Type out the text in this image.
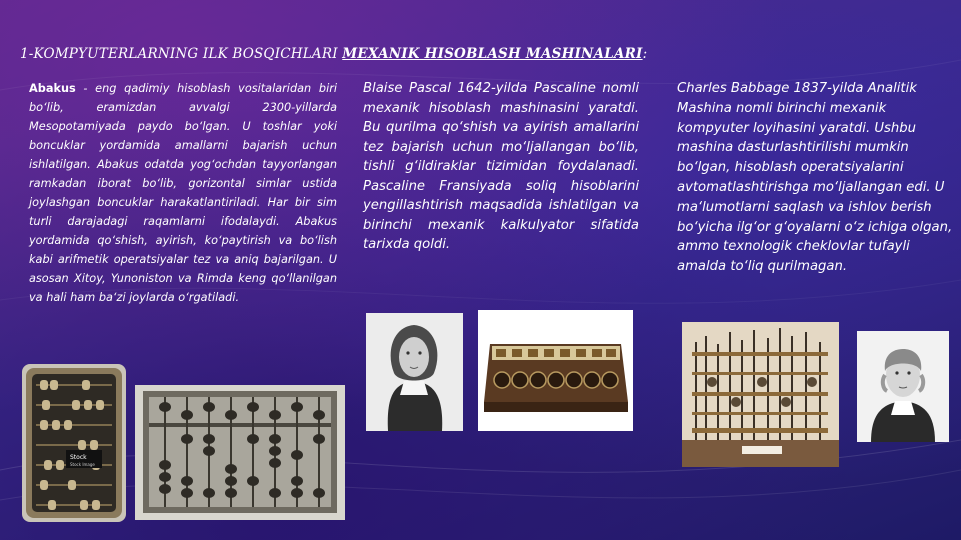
1-KOMPYUTERLARNING ILK BOSQICHLARI MEXANIK HISOBLASH MASHINALARI:
Abakus - eng qadimiy hisoblash vositalaridan biri bo‘lib, eramizdan avvalgi 2300-yillarda Mesopotamiyada paydo bo‘lgan. U toshlar yoki boncuklar yordamida amallarni bajarish uchun ishlatilgan. Abakus odatda yog‘ochdan tayyorlangan ramkadan iborat bo‘lib, gorizontal simlar ustida joylashgan boncuklar harakatlantiriladi. Har bir sim turli darajadagi raqamlarni ifodalaydi. Abakus yordamida qo‘shish, ayirish, ko‘paytirish va bo‘lish kabi arifmetik operatsiyalar tez va aniq bajarilgan. U asosan Xitoy, Yunoniston va Rimda keng qo‘llanilgan va hali ham ba‘zi joylarda o‘rgatiladi.
Blaise Pascal 1642-yilda Pascaline nomli mexanik hisoblash mashinasini yaratdi. Bu qurilma qo‘shish va ayirish amallarini tez bajarish uchun mo‘ljallangan bo‘lib, tishli g‘ildiraklar tizimidan foydalanadi. Pascaline Fransiyada soliq hisoblarini yengillashtirish maqsadida ishlatilgan va birinchi mexanik kalkulyator sifatida tarixda qoldi.
Charles Babbage 1837-yilda Analitik Mashina nomli birinchi mexanik kompyuter loyihasini yaratdi. Ushbu mashina dasturlashtirilishi mumkin bo‘lgan, hisoblash operatsiyalarini avtomatlashtirishga mo‘ljallangan edi. U ma‘lumotlarni saqlash va ishlov berish bo‘yicha ilg‘or g‘oyalarni o‘z ichiga olgan, ammo texnologik cheklovlar tufayli amalda to‘liq qurilmagan.
Stock
Stock Image
